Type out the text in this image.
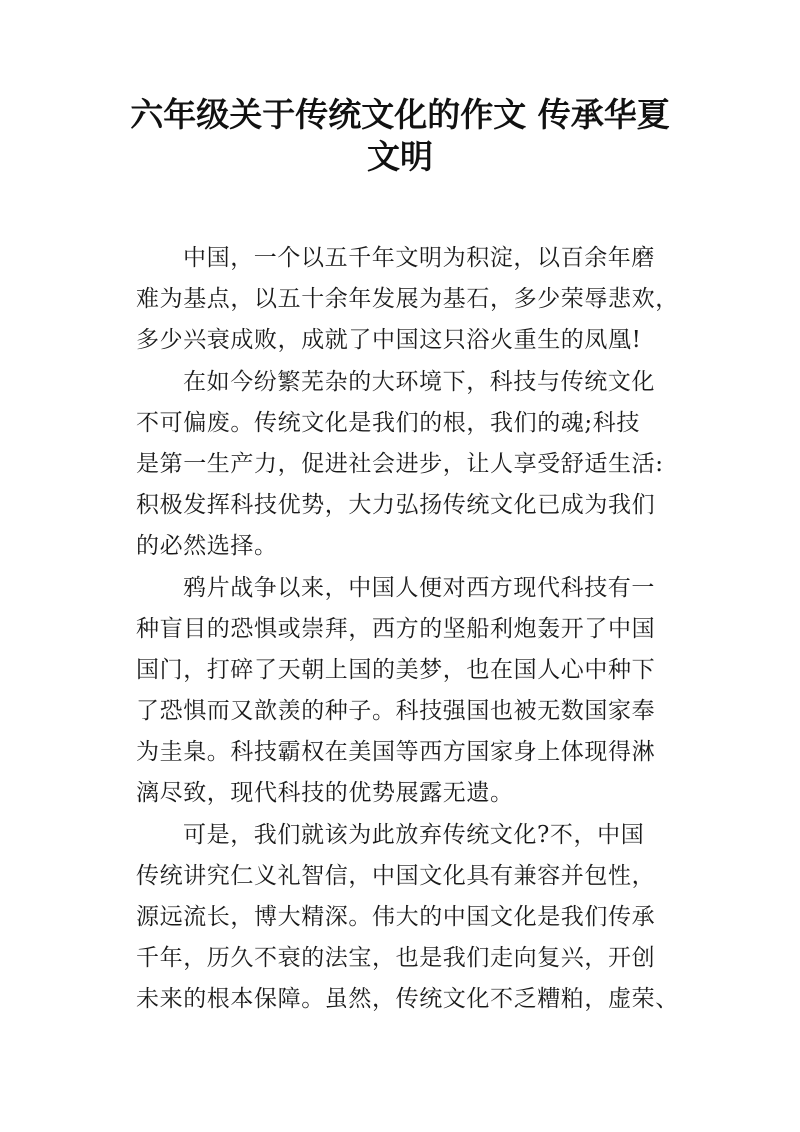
六年级关于传统文化的作文 传承华夏
文明
中国，一个以五千年文明为积淀，以百余年磨
难为基点，以五十余年发展为基石，多少荣辱悲欢，
多少兴衰成败，成就了中国这只浴火重生的凤凰!
在如今纷繁芜杂的大环境下，科技与传统文化
不可偏废。传统文化是我们的根，我们的魂;科技
是第一生产力，促进社会进步，让人享受舒适生活:
积极发挥科技优势，大力弘扬传统文化已成为我们
的必然选择。
鸦片战争以来，中国人便对西方现代科技有一
种盲目的恐惧或崇拜，西方的坚船利炮轰开了中国
国门，打碎了天朝上国的美梦，也在国人心中种下
了恐惧而又歆羡的种子。科技强国也被无数国家奉
为圭臬。科技霸权在美国等西方国家身上体现得淋
漓尽致，现代科技的优势展露无遗。
可是，我们就该为此放弃传统文化?不，中国
传统讲究仁义礼智信，中国文化具有兼容并包性，
源远流长，博大精深。伟大的中国文化是我们传承
千年，历久不衰的法宝，也是我们走向复兴，开创
未来的根本保障。虽然，传统文化不乏糟粕，虚荣、
